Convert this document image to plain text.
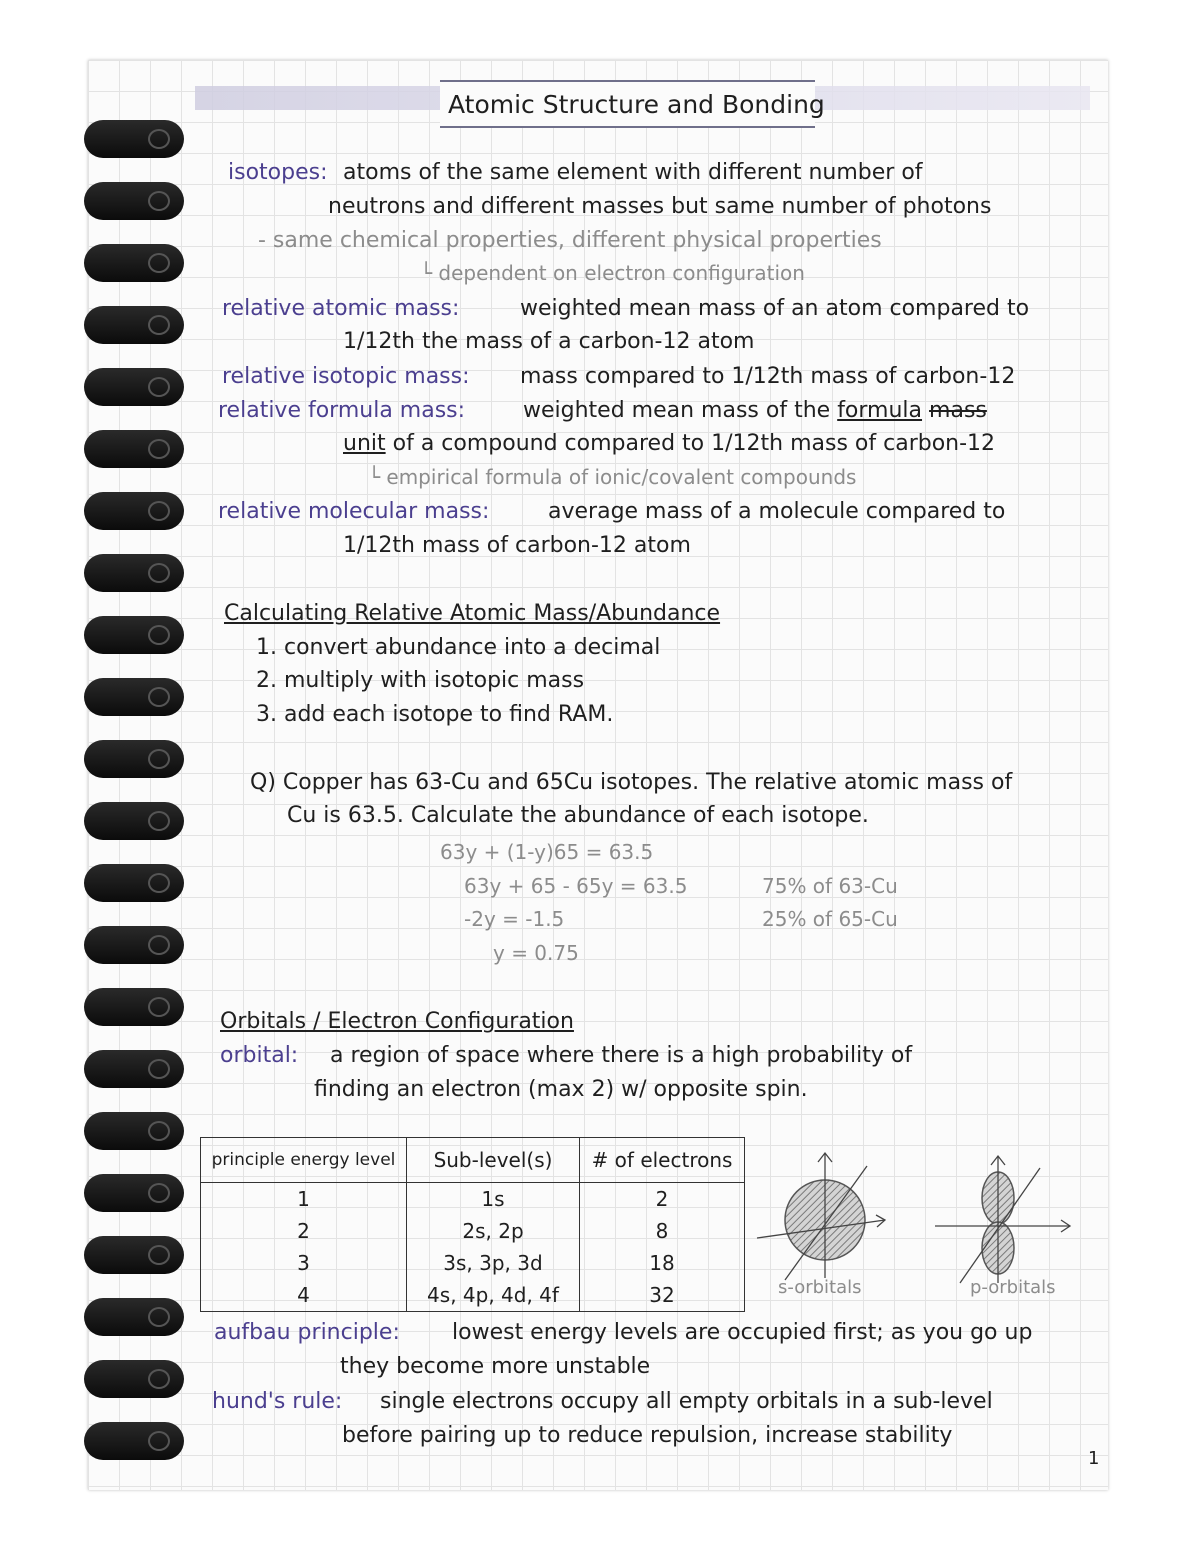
Atomic Structure and Bonding
isotopes: atoms of the same element with different number of
neutrons and different masses but same number of photons
- same chemical properties, different physical properties
└ dependent on electron configuration
relative atomic mass:	weighted mean mass of an atom compared to
1/12th the mass of a carbon-12 atom
relative isotopic mass: mass compared to 1/12th mass of carbon-12
relative formula mass:	weighted mean mass of the formula mass
unit of a compound compared to 1/12th mass of carbon-12
└ empirical formula of ionic/covalent compounds
relative molecular mass:	average mass of a molecule compared to
1/12th mass of carbon-12 atom
Calculating Relative Atomic Mass/Abundance
1. convert abundance into a decimal
2. multiply with isotopic mass
3. add each isotope to find RAM.
Q) Copper has 63-Cu and 65Cu isotopes. The relative atomic mass of
Cu is 63.5. Calculate the abundance of each isotope.
63y + (1-y)65 = 63.5
63y + 65 - 65y = 63.5
-2y = -1.5
y = 0.75
75% of 63-Cu
25% of 65-Cu
Orbitals / Electron Configuration
orbital: a region of space where there is a high probability of
finding an electron (max 2) w/ opposite spin.
principle energy level	Sub-level(s)	# of electrons
1	1s	2
2	2s, 2p	8
3	3s, 3p, 3d	18
4	4s, 4p, 4d, 4f	32	s-orbitals	p-orbitals
aufbau principle: lowest energy levels are occupied first; as you go up
they become more unstable
hund's rule: single electrons occupy all empty orbitals in a sub-level
before pairing up to reduce repulsion, increase stability
1
